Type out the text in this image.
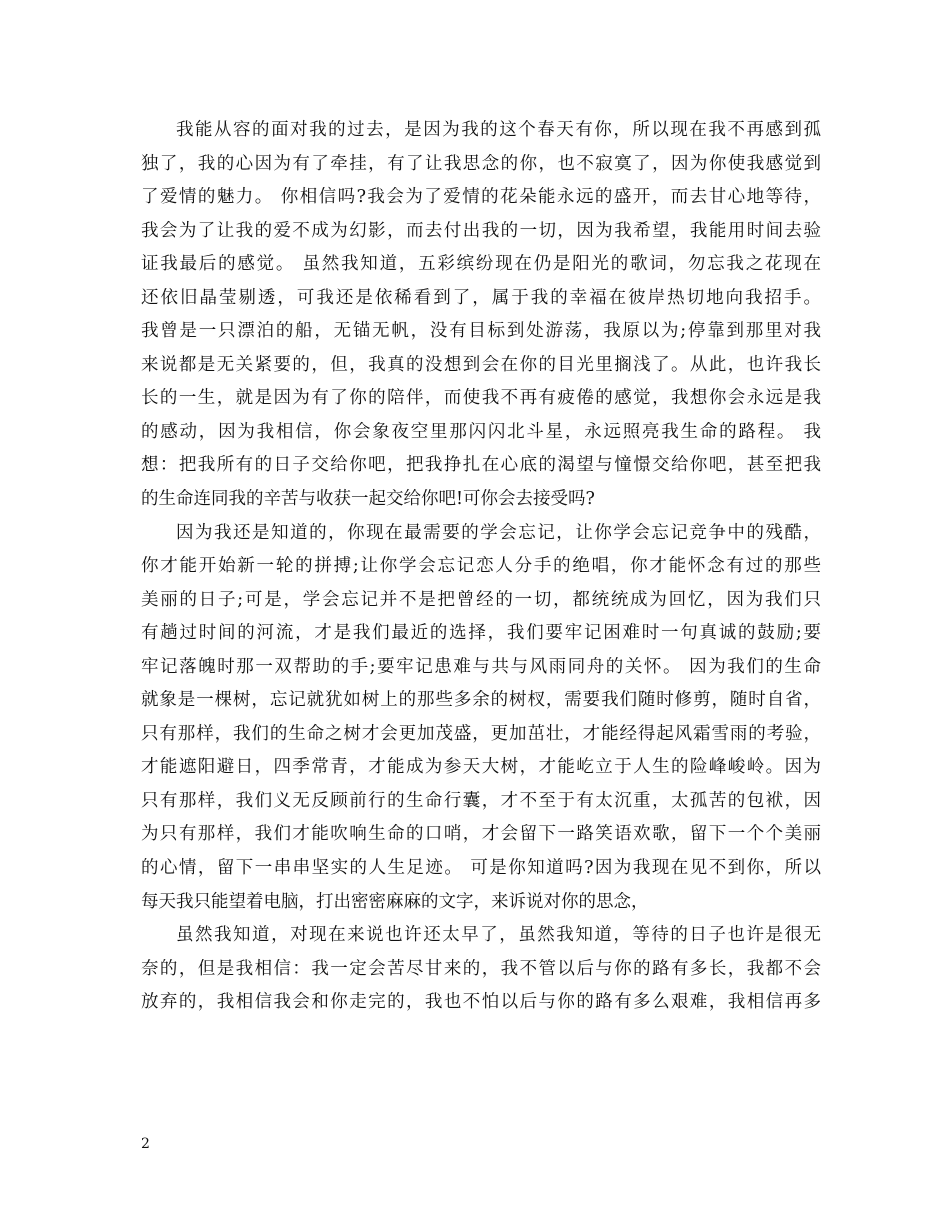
我能从容的面对我的过去，是因为我的这个春天有你，所以现在我不再感到孤
独了，我的心因为有了牵挂，有了让我思念的你，也不寂寞了，因为你使我感觉到
了爱情的魅力。 你相信吗?我会为了爱情的花朵能永远的盛开，而去甘心地等待，
我会为了让我的爱不成为幻影，而去付出我的一切，因为我希望，我能用时间去验
证我最后的感觉。 虽然我知道，五彩缤纷现在仍是阳光的歌词，勿忘我之花现在
还依旧晶莹剔透，可我还是依稀看到了，属于我的幸福在彼岸热切地向我招手。
我曾是一只漂泊的船，无锚无帆，没有目标到处游荡，我原以为;停靠到那里对我
来说都是无关紧要的，但，我真的没想到会在你的目光里搁浅了。从此，也许我长
长的一生，就是因为有了你的陪伴，而使我不再有疲倦的感觉，我想你会永远是我
的感动，因为我相信，你会象夜空里那闪闪北斗星，永远照亮我生命的路程。 我
想：把我所有的日子交给你吧，把我挣扎在心底的渴望与憧憬交给你吧，甚至把我
的生命连同我的辛苦与收获一起交给你吧!可你会去接受吗?
因为我还是知道的，你现在最需要的学会忘记，让你学会忘记竞争中的残酷，
你才能开始新一轮的拼搏;让你学会忘记恋人分手的绝唱，你才能怀念有过的那些
美丽的日子;可是，学会忘记并不是把曾经的一切，都统统成为回忆，因为我们只
有趟过时间的河流，才是我们最近的选择，我们要牢记困难时一句真诚的鼓励;要
牢记落魄时那一双帮助的手;要牢记患难与共与风雨同舟的关怀。 因为我们的生命
就象是一棵树，忘记就犹如树上的那些多余的树杈，需要我们随时修剪，随时自省，
只有那样，我们的生命之树才会更加茂盛，更加茁壮，才能经得起风霜雪雨的考验，
才能遮阳避日，四季常青，才能成为参天大树，才能屹立于人生的险峰峻岭。因为
只有那样，我们义无反顾前行的生命行囊，才不至于有太沉重，太孤苦的包袱，因
为只有那样，我们才能吹响生命的口哨，才会留下一路笑语欢歌，留下一个个美丽
的心情，留下一串串坚实的人生足迹。 可是你知道吗?因为我现在见不到你，所以
每天我只能望着电脑，打出密密麻麻的文字，来诉说对你的思念，
虽然我知道，对现在来说也许还太早了，虽然我知道，等待的日子也许是很无
奈的，但是我相信：我一定会苦尽甘来的，我不管以后与你的路有多长，我都不会
放弃的，我相信我会和你走完的，我也不怕以后与你的路有多么艰难，我相信再多
2
